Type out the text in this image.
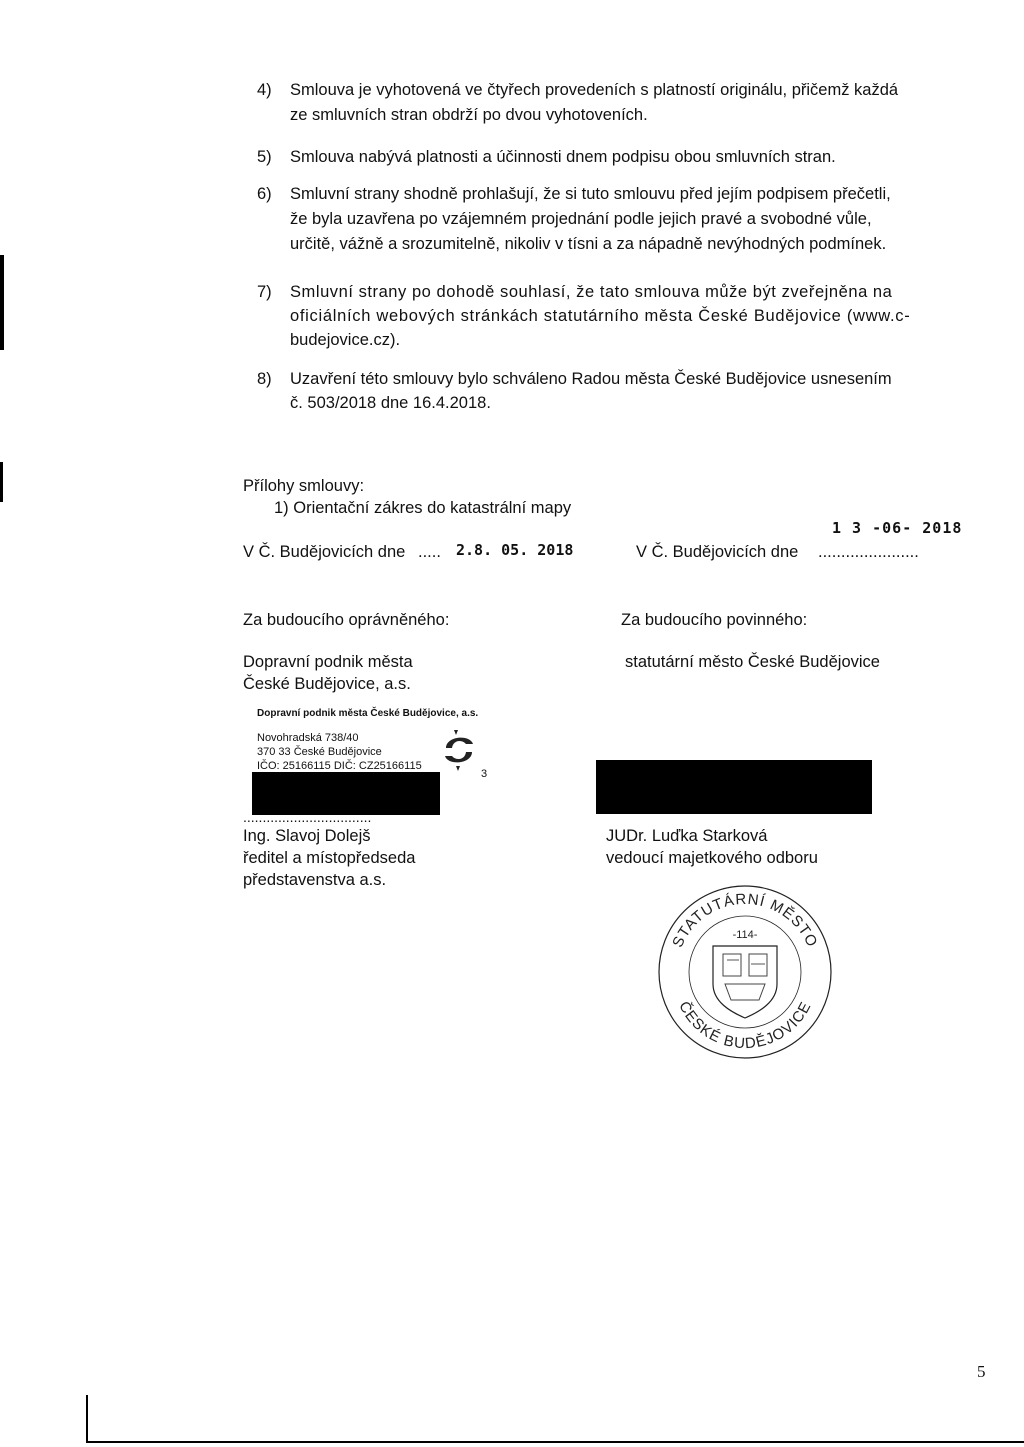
4) Smlouva je vyhotovená ve čtyřech provedeních s platností originálu, přičemž každá
ze smluvních stran obdrží po dvou vyhotoveních.
5) Smlouva nabývá platnosti a účinnosti dnem podpisu obou smluvních stran.
6) Smluvní strany shodně prohlašují, že si tuto smlouvu před jejím podpisem přečetli,
že byla uzavřena po vzájemném projednání podle jejich pravé a svobodné vůle,
určitě, vážně a srozumitelně, nikoliv v tísni a za nápadně nevýhodných podmínek.
7) Smluvní strany po dohodě souhlasí, že tato smlouva může být zveřejněna na
oficiálních webových stránkách statutárního města České Budějovice (www.c-
budejovice.cz).
8) Uzavření této smlouvy bylo schváleno Radou města České Budějovice usnesením
č. 503/2018 dne 16.4.2018.
Přílohy smlouvy:
1) Orientační zákres do katastrální mapy
1 3 -06- 2018
V Č. Budějovicích dne ..... 2.8. 05. 2018	V Č. Budějovicích dne ......................
Za budoucího oprávněného:	Za budoucího povinného:
Dopravní podnik města
České Budějovice, a.s.
statutární město České Budějovice
Dopravní podnik města České Budějovice, a.s.
Novohradská 738/40
370 33 České Budějovice
IČO: 25166115 DIČ: CZ25166115
3
.................................
Ing. Slavoj Dolejš
ředitel a místopředseda
představenstva a.s.
JUDr. Luďka Starková
vedoucí majetkového odboru
STATUTÁRNÍ MĚSTO
ČESKÉ BUDĚJOVICE
-114-
5
